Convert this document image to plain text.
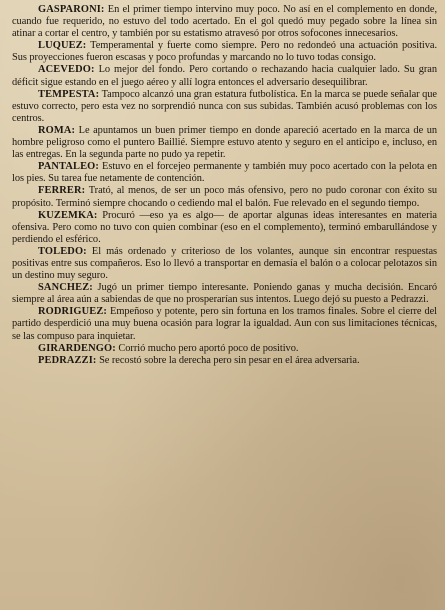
GASPARONI: En el primer tiempo intervino muy poco. No así en el complemento en donde, cuando fue requerido, no estuvo del todo acertado. En el gol quedó muy pegado sobre la línea sin atinar a cortar el centro, y también por su estatismo atravesó por otros sofocones innecesarios.

LUQUEZ: Temperamental y fuerte como siempre. Pero no redondeó una actuación positiva. Sus proyecciones fueron escasas y poco profundas y marcando no lo tuvo todas consigo.

ACEVEDO: Lo mejor del fondo. Pero cortando o rechazando hacia cualquier lado. Su gran déficit sigue estando en el juego aéreo y allí logra entonces el adversario desequilibrar.

TEMPESTA: Tampoco alcanzó una gran estatura futbolística. En la marca se puede señalar que estuvo correcto, pero esta vez no sorprendió nunca con sus subidas. También acusó problemas con los centros.

ROMA: Le apuntamos un buen primer tiempo en donde apareció acertado en la marca de un hombre peligroso como el puntero Baillié. Siempre estuvo atento y seguro en el anticipo e, incluso, en las entregas. En la segunda parte no pudo ya repetir.

PANTALEO: Estuvo en el forcejeo permanente y también muy poco acertado con la pelota en los pies. Su tarea fue netamente de contención.

FERRER: Trató, al menos, de ser un poco más ofensivo, pero no pudo coronar con éxito su propósito. Terminó siempre chocando o cediendo mal el balón. Fue relevado en el segundo tiempo.

KUZEMKA: Procuró —eso ya es algo— de aportar algunas ideas interesantes en materia ofensiva. Pero como no tuvo con quien combinar (eso en el complemento), terminó embarullándose y perdiendo el esférico.

TOLEDO: El más ordenado y criterioso de los volantes, aunque sin encontrar respuestas positivas entre sus compañeros. Eso lo llevó a transportar en demasía el balón o a colocar pelotazos sin un destino muy seguro.

SANCHEZ: Jugó un primer tiempo interesante. Poniendo ganas y mucha decisión. Encaró siempre al área aún a sabiendas de que no prosperarían sus intentos. Luego dejó su puesto a Pedrazzi.

RODRIGUEZ: Empeñoso y potente, pero sin fortuna en los tramos finales. Sobre el cierre del partido desperdició una muy buena ocasión para lograr la igualdad. Aun con sus limitaciones técnicas, se las compuso para inquietar.

GIRARDENGO: Corrió mucho pero aportó poco de positivo.

PEDRAZZI: Se recostó sobre la derecha pero sin pesar en el área adversaria.
